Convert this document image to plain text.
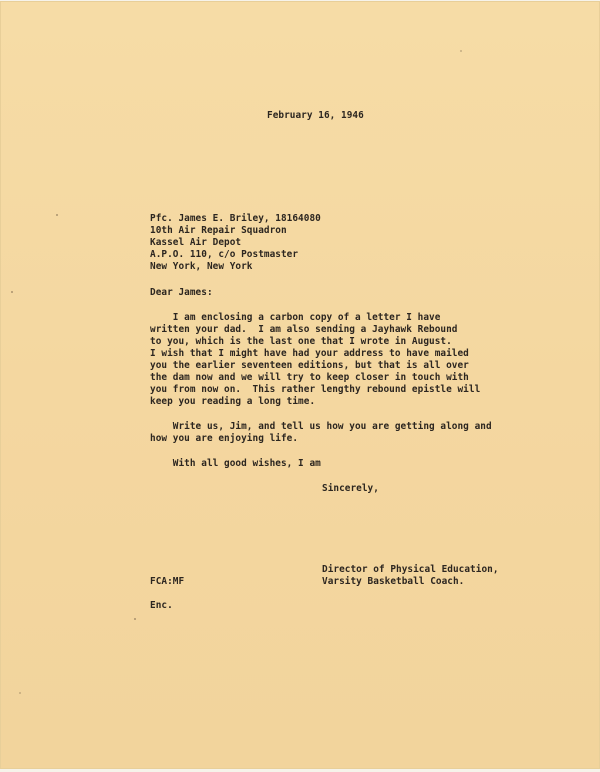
February 16, 1946

Pfc. James E. Briley, 18164080

10th Air Repair Squadron

Kassel Air Depot

A.P.O. 110, c/o Postmaster

New York, New York

Dear James:

I am enclosing a carbon copy of a letter I have

written your dad.  I am also sending a Jayhawk Rebound

to you, which is the last one that I wrote in August.

I wish that I might have had your address to have mailed

you the earlier seventeen editions, but that is all over

the dam now and we will try to keep closer in touch with

you from now on.  This rather lengthy rebound epistle will

keep you reading a long time.

Write us, Jim, and tell us how you are getting along and

how you are enjoying life.

With all good wishes, I am

Sincerely,

Director of Physical Education,

Varsity Basketball Coach.

FCA:MF

Enc.
